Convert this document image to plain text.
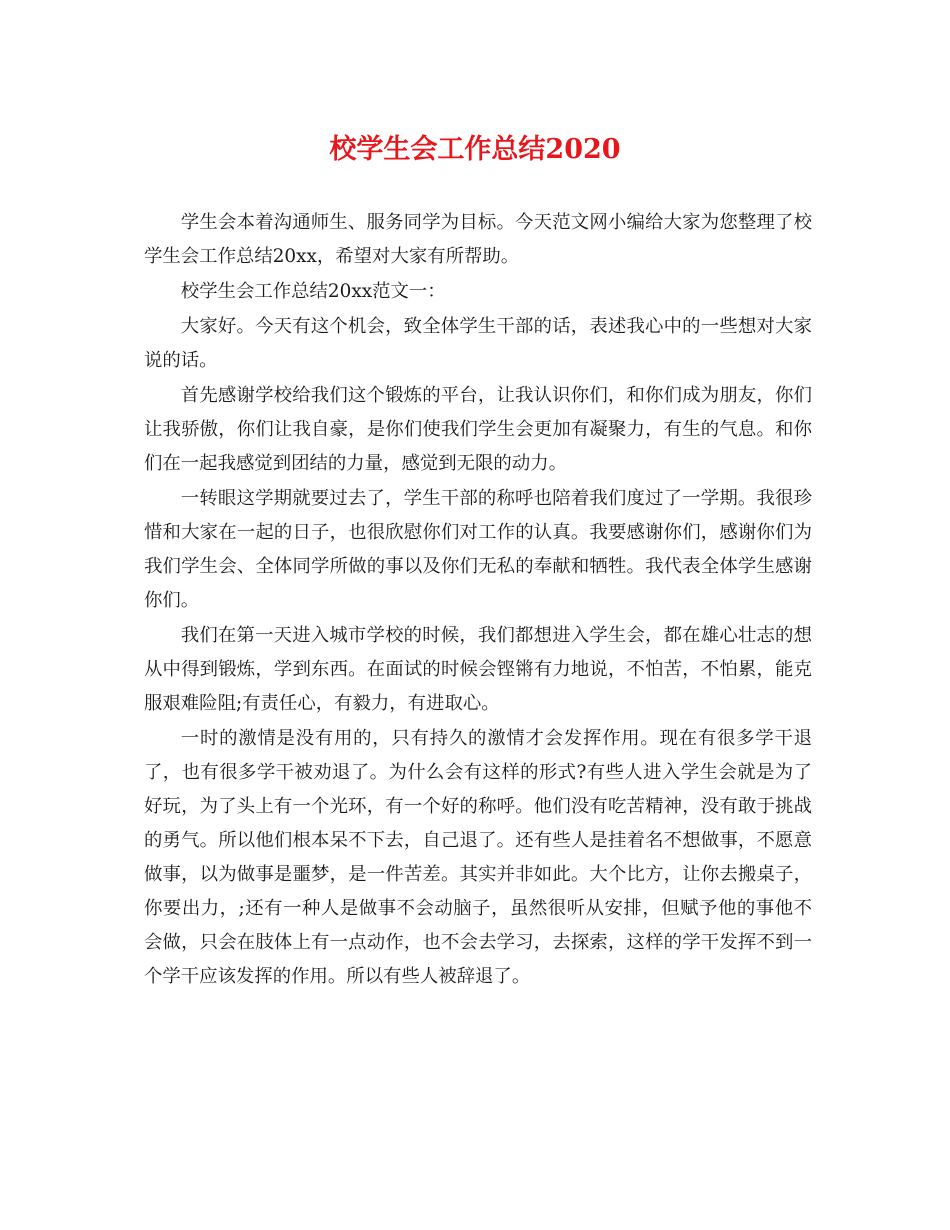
校学生会工作总结2020

学生会本着沟通师生、服务同学为目标。今天范文网小编给大家为您整理了校学生会工作总结20xx，希望对大家有所帮助。

校学生会工作总结20xx范文一：

大家好。今天有这个机会，致全体学生干部的话，表述我心中的一些想对大家说的话。

首先感谢学校给我们这个锻炼的平台，让我认识你们，和你们成为朋友，你们让我骄傲，你们让我自豪，是你们使我们学生会更加有凝聚力，有生的气息。和你们在一起我感觉到团结的力量，感觉到无限的动力。

一转眼这学期就要过去了，学生干部的称呼也陪着我们度过了一学期。我很珍惜和大家在一起的日子，也很欣慰你们对工作的认真。我要感谢你们，感谢你们为我们学生会、全体同学所做的事以及你们无私的奉献和牺牲。我代表全体学生感谢你们。

我们在第一天进入城市学校的时候，我们都想进入学生会，都在雄心壮志的想从中得到锻炼，学到东西。在面试的时候会铿锵有力地说，不怕苦，不怕累，能克服艰难险阻;有责任心，有毅力，有进取心。

一时的激情是没有用的，只有持久的激情才会发挥作用。现在有很多学干退了，也有很多学干被劝退了。为什么会有这样的形式?有些人进入学生会就是为了好玩，为了头上有一个光环，有一个好的称呼。他们没有吃苦精神，没有敢于挑战的勇气。所以他们根本呆不下去，自己退了。还有些人是挂着名不想做事，不愿意做事，以为做事是噩梦，是一件苦差。其实并非如此。大个比方，让你去搬桌子，你要出力，;还有一种人是做事不会动脑子，虽然很听从安排，但赋予他的事他不会做，只会在肢体上有一点动作，也不会去学习，去探索，这样的学干发挥不到一个学干应该发挥的作用。所以有些人被辞退了。
